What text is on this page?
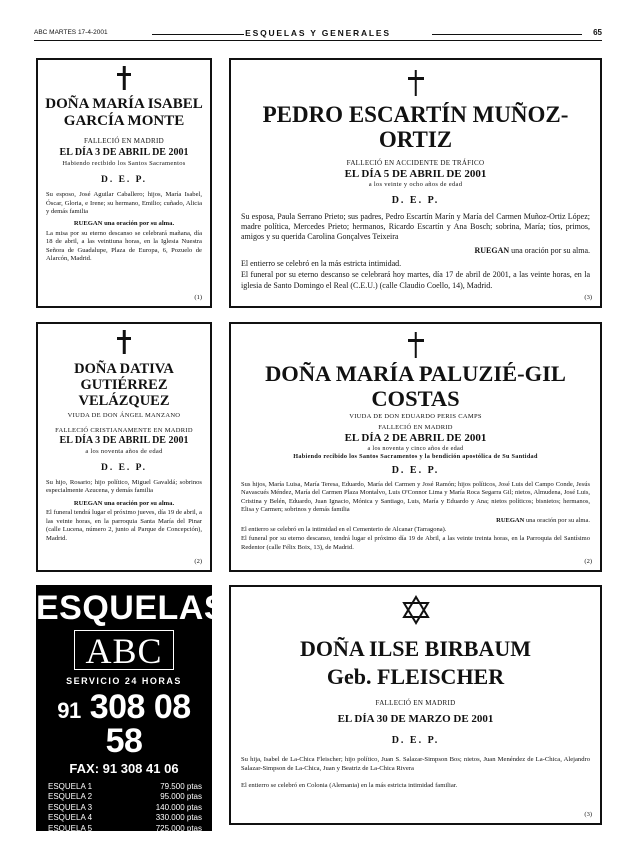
ABC MARTES 17-4-2001	ESQUELAS Y GENERALES	65
DOÑA MARÍA ISABEL GARCÍA MONTE
FALLECIÓ EN MADRID
EL DÍA 3 DE ABRIL DE 2001
Habiendo recibido los Santos Sacramentos
D. E. P.
Su esposo, José Aguilar Caballero; hijos, María Isabel, Óscar, Gloria, e Irene; su hermano, Emilio; cuñado, Alicia y demás familia
RUEGAN una oración por su alma.
La misa por su eterno descanso se celebrará mañana, día 18 de abril, a las veintiuna horas, en la Iglesia Nuestra Señora de Guadalupe, Plaza de Europa, 6, Pozuelo de Alarcón, Madrid.
(1)
PEDRO ESCARTÍN MUÑOZ-ORTIZ
FALLECIÓ EN ACCIDENTE DE TRÁFICO
EL DÍA 5 DE ABRIL DE 2001
a los veinte y ocho años de edad
D. E. P.
Su esposa, Paula Serrano Prieto; sus padres, Pedro Escartín Marín y María del Carmen Muñoz-Ortiz López; madre política, Mercedes Prieto; hermanos, Ricardo Escartín y Ana Bosch; sobrina, María; tíos, primos, amigos y su querida Carolina Gonçalves Teixeira
RUEGAN una oración por su alma.
El entierro se celebró en la más estricta intimidad.
El funeral por su eterno descanso se celebrará hoy martes, día 17 de abril de 2001, a las veinte horas, en la iglesia de Santo Domingo el Real (C.E.U.) (calle Claudio Coello, 14), Madrid.
(3)
DOÑA DATIVA GUTIÉRREZ VELÁZQUEZ
VIUDA DE DON ÁNGEL MANZANO
FALLECIÓ CRISTIANAMENTE EN MADRID
EL DÍA 3 DE ABRIL DE 2001
a los noventa años de edad
D. E. P.
Su hijo, Rosario; hijo político, Miguel Gavaldá; sobrinos especialmente Azucena, y demás familia
RUEGAN una oración por su alma.
El funeral tendrá lugar el próximo jueves, día 19 de abril, a las veinte horas, en la parroquia Santa María del Pinar (calle Lucena, número 2, junto al Parque de Concepción), Madrid.
(2)
DOÑA MARÍA PALUZIÉ-GIL COSTAS
VIUDA DE DON EDUARDO PERIS CAMPS
FALLECIÓ EN MADRID
EL DÍA 2 DE ABRIL DE 2001
a los noventa y cinco años de edad
Habiendo recibido los Santos Sacramentos y la bendición apostólica de Su Santidad
D. E. P.
Sus hijos, María Luisa, María Teresa, Eduardo, María del Carmen y José Ramón; hijos políticos, José Luis del Campo Conde, Jesús Navascués Méndez, María del Carmen Plaza Montalvo, Luis O'Connor Lima y María Roca Segarra Gil; nietos, Almudena, José Luis, Cristina y Belén, Eduardo, Juan Ignacio, Mónica y Santiago, Luis, María y Eduardo y Ana; nietos políticos; bisnietos; hermanos, Elisa y Carmen; sobrinos y demás familia
RUEGAN una oración por su alma.
El entierro se celebró en la intimidad en el Cementerio de Alcanar (Tarragona).
El funeral por su eterno descanso, tendrá lugar el próximo día 19 de Abril, a las veinte treinta horas, en la Parroquia del Santísimo Redentor (calle Félix Boix, 13), de Madrid.
(2)
ESQUELAS
ABC
SERVICIO 24 HORAS
91 308 08 58
FAX: 91 308 41 06
ESQUELA 1	79.500 ptas
ESQUELA 2	95.000 ptas
ESQUELA 3	140.000 ptas
ESQUELA 4	330.000 ptas
ESQUELA 5	725.000 ptas
ESQUELA 6	1.031.000 ptas
Consultar Tarifa Domingos y Fiestas Nacionales
DOÑA ILSE BIRBAUM
Geb. FLEISCHER
FALLECIÓ EN MADRID
EL DÍA 30 DE MARZO DE 2001
D. E. P.
Su hija, Isabel de La-Chica Fleischer; hijo político, Juan S. Salazar-Simpson Bos; nietos, Juan Menéndez de La-Chica, Alejandro Salazar-Simpson de La-Chica, Juan y Beatriz de La-Chica Rivera
El entierro se celebró en Colonia (Alemania) en la más estricta intimidad familiar.
(3)
